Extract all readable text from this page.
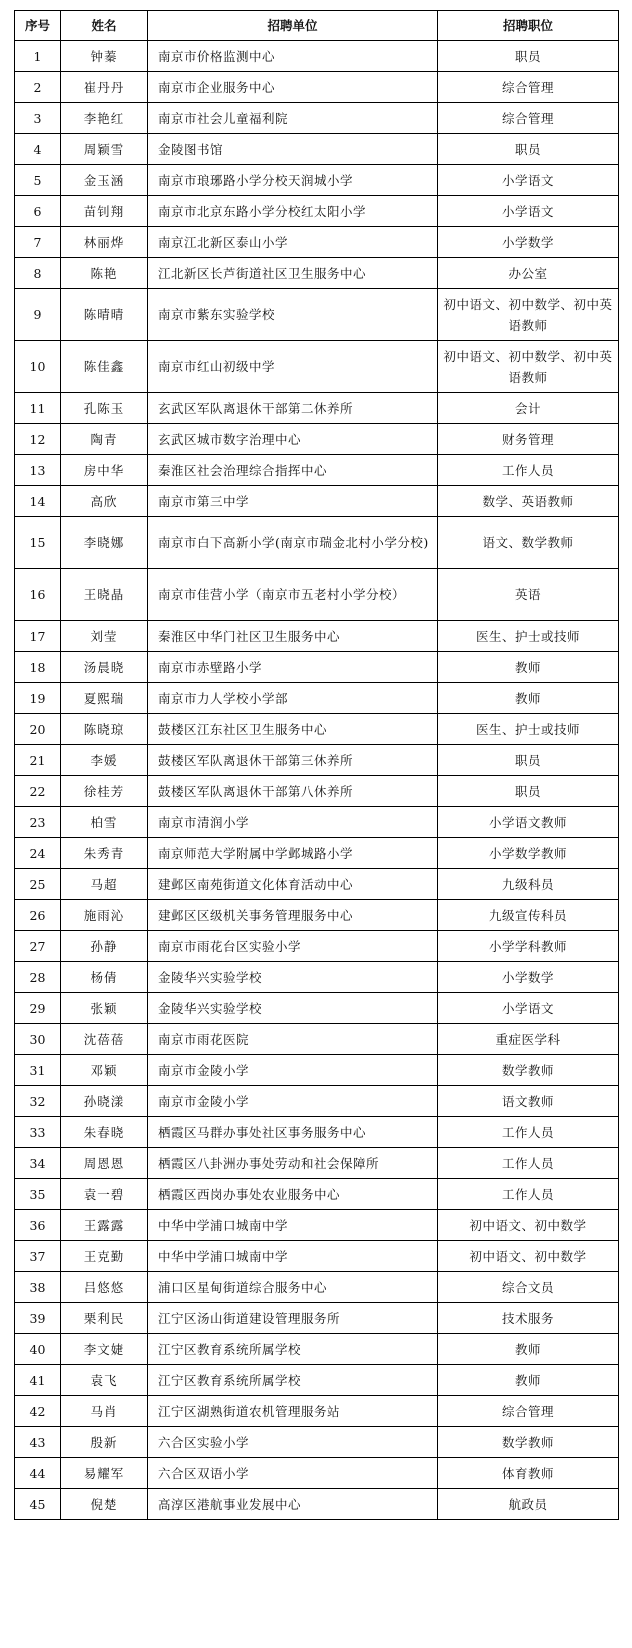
序号	姓名	招聘单位	招聘职位
1	钟蓁	南京市价格监测中心	职员
2	崔丹丹	南京市企业服务中心	综合管理
3	李艳红	南京市社会儿童福利院	综合管理
4	周颖雪	金陵图书馆	职员
5	金玉涵	南京市琅琊路小学分校天润城小学	小学语文
6	苗钊翔	南京市北京东路小学分校红太阳小学	小学语文
7	林丽烨	南京江北新区泰山小学	小学数学
8	陈艳	江北新区长芦街道社区卫生服务中心	办公室
9	陈晴晴	南京市紫东实验学校	初中语文、初中数学、初中英语教师
10	陈佳鑫	南京市红山初级中学	初中语文、初中数学、初中英语教师
11	孔陈玉	玄武区军队离退休干部第二休养所	会计
12	陶青	玄武区城市数字治理中心	财务管理
13	房中华	秦淮区社会治理综合指挥中心	工作人员
14	高欣	南京市第三中学	数学、英语教师
15	李晓娜	南京市白下高新小学(南京市瑞金北村小学分校)	语文、数学教师
16	王晓晶	南京市佳营小学（南京市五老村小学分校）	英语
17	刘莹	秦淮区中华门社区卫生服务中心	医生、护士或技师
18	汤晨晓	南京市赤壁路小学	教师
19	夏熙瑞	南京市力人学校小学部	教师
20	陈晓琼	鼓楼区江东社区卫生服务中心	医生、护士或技师
21	李媛	鼓楼区军队离退休干部第三休养所	职员
22	徐桂芳	鼓楼区军队离退休干部第八休养所	职员
23	柏雪	南京市清润小学	小学语文教师
24	朱秀青	南京师范大学附属中学邺城路小学	小学数学教师
25	马超	建邺区南苑街道文化体育活动中心	九级科员
26	施雨沁	建邺区区级机关事务管理服务中心	九级宣传科员
27	孙静	南京市雨花台区实验小学	小学学科教师
28	杨倩	金陵华兴实验学校	小学数学
29	张颖	金陵华兴实验学校	小学语文
30	沈蓓蓓	南京市雨花医院	重症医学科
31	邓颖	南京市金陵小学	数学教师
32	孙晓漾	南京市金陵小学	语文教师
33	朱春晓	栖霞区马群办事处社区事务服务中心	工作人员
34	周恩恩	栖霞区八卦洲办事处劳动和社会保障所	工作人员
35	袁一碧	栖霞区西岗办事处农业服务中心	工作人员
36	王露露	中华中学浦口城南中学	初中语文、初中数学
37	王克勤	中华中学浦口城南中学	初中语文、初中数学
38	吕悠悠	浦口区星甸街道综合服务中心	综合文员
39	栗利民	江宁区汤山街道建设管理服务所	技术服务
40	李文婕	江宁区教育系统所属学校	教师
41	袁飞	江宁区教育系统所属学校	教师
42	马肖	江宁区湖熟街道农机管理服务站	综合管理
43	殷新	六合区实验小学	数学教师
44	易耀军	六合区双语小学	体育教师
45	倪楚	高淳区港航事业发展中心	航政员
